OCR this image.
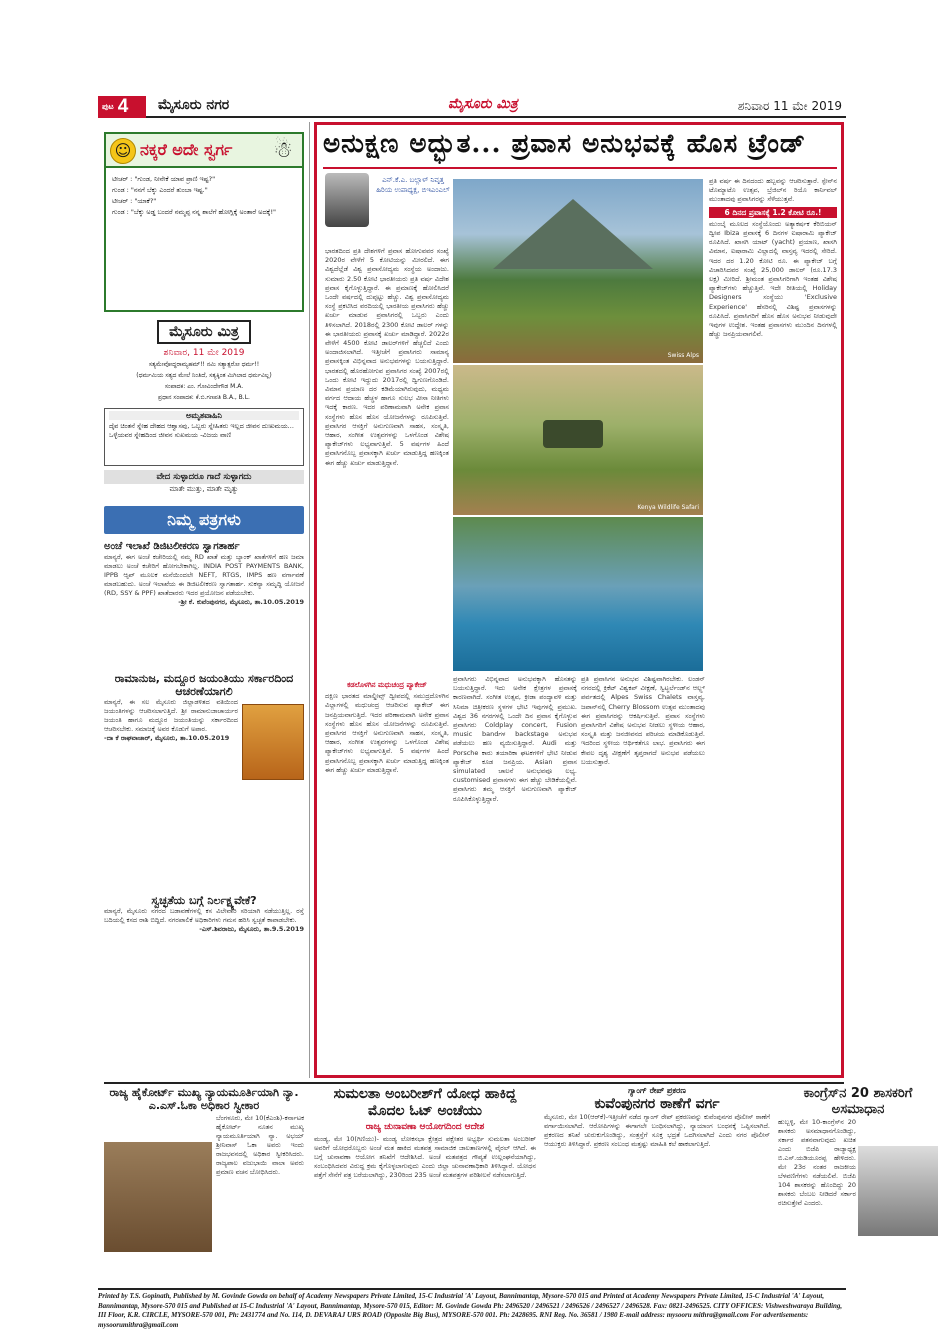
$^{ಪುಟ}$ 4	ಮೈಸೂರು ನಗರ	ಮೈಸೂರು ಮಿತ್ರ	ಶನಿವಾರ 11 ಮೇ 2019
☺ ನಕ್ಕರೆ ಅದೇ ಸ್ವರ್ಗ ☃
ಟೀಚರ್ : "ಗುಂಡ, ನೀನೇಕೆ ಯಾವ ಪ್ರಾಣಿ ಇಷ್ಟ?"
ಗುಂಡ : "ನನಗೆ ಬೆಕ್ಕು ಎಂದರೆ ತುಂಬಾ ಇಷ್ಟ."
ಟೀಚರ್ : "ಯಾಕೆ?"
ಗುಂಡ : "ಬೆಕ್ಕು ಅಡ್ಡ ಬಂದರೆ ನಮ್ಮಪ್ಪ ನನ್ನ ಶಾಲೆಗೆ ಹೋಗ್ಲಿಕ್ಕೆ ಅಂತಾರೆ ಅದಕ್ಕೆ!"
ಮೈಸೂರು ಮಿತ್ರ
ಶನಿವಾರ, 11 ಮೇ 2019
ಸತ್ಯಮೇವೋದ್ಧರಾಮ್ಯಹಮ್!! ನಮಿ ಸತ್ಯಾತ್ಪರೋ ಧರ್ಮ!!
(ಧರ್ಮಮಿಯ ಸತ್ಯದ ಮೇಲೆ ನಿಂತಿದೆ, ಸತ್ಯಕ್ಕಿಂತ ಮಿಗಿಲಾದ ಧರ್ಮವಿಲ್ಲ)
ಸಂಪಾದಕ: ಎಂ. ಗೋವಿಂದೇಗೌಡ M.A.
ಪ್ರಧಾನ ಸಂಪಾದಕ: ಕೆ.ಬಿ.ಗಣಪತಿ B.A., B.L.
ಅಮೃತವಾಹಿನಿ
ದೈವ ಚಿಂತನೆ ಸ್ನೇಹ ದೇಹದ ಆಶ್ವಾಸವು, ಒಬ್ಬರು ಸ್ನೇಹಿತರು ಇಲ್ಲದ ಜೀವನ ದುಃಖಮಯ... ಒಳ್ಳೆಯವರ ಸ್ನೇಹದಿಂದ ಜೀವನ ಸುಖಮಯ -ವಿಜಯ ವಾಣಿ
ವೇದ ಸುಳ್ಳಾದರೂ ಗಾದೆ ಸುಳ್ಳಾಗದು
ಮಾತೇ ಮುತ್ತು, ಮಾತೇ ಮೃತ್ಯು
ನಿಮ್ಮ ಪತ್ರಗಳು
ಅಂಚೆ ಇಲಾಖೆ ಡಿಜಿಟಲೀಕರಣ ಸ್ವಾಗತಾರ್ಹ
ಮಾನ್ಯರೆ, ಈಗ ಅಂಚೆ ಕಚೇರಿಯಲ್ಲಿ ನಮ್ಮ RD ಖಾತೆ ಮತ್ತು ಬ್ಯಾಂಕ್ ಖಾತೆಗಳಿಗೆ ಹಣ ಜಮಾ ಮಾಡಲು ಅಂಚೆ ಕಚೇರಿಗೆ ಹೋಗಬೇಕಾಗಿಲ್ಲ. INDIA POST PAYMENTS BANK, IPPB ಆ್ಯಪ್ ಮೂಲಕ ಮನೆಯಿಂದಲೇ NEFT, RTGS, IMPS ಹಣ ವರ್ಗಾವಣೆ ಮಾಡಬಹುದು. ಅಂಚೆ ಇಲಾಖೆಯ ಈ ಡಿಜಿಟಲೀಕರಣ ಸ್ವಾಗತಾರ್ಹ. ಸುಕನ್ಯಾ ಸಮೃದ್ಧಿ ಯೋಜನೆ (RD, SSY & PPF) ಖಾತೆದಾರರು ಇದರ ಪ್ರಯೋಜನ ಪಡೆಯಬೇಕು.
-ಶ್ರೀ ಕೆ. ಕುವೆಂಪುನಗರ, ಮೈಸೂರು, ತಾ.10.05.2019
ರಾಮಾನುಜ, ಮದ್ದೂರ ಜಯಂತಿಯು ಸರ್ಕಾರದಿಂದ ಆಚರಣೆಯಾಗಲಿ
ಮಾನ್ಯರೆ, ಈ ಸಲ ಮೈಸೂರು ಜಿಲ್ಲಾಡಳಿತದ ವತಿಯಿಂದ ಜಯಂತಿಗಳನ್ನು ಆಚರಿಸಲಾಗುತ್ತಿದೆ. ಶ್ರೀ ರಾಮಾನುಜಾಚಾರ್ಯರ ಜಯಂತಿ ಹಾಗೂ ಮದ್ದೂರ ಜಯಂತಿಯನ್ನು ಸರ್ಕಾರದಿಂದ ಆಚರಿಸಬೇಕು. ಸಮಾಜಕ್ಕೆ ಅವರ ಕೊಡುಗೆ ಅಪಾರ.
-ದಾ ಕೆ ರಾಘವಾಚಾರ್, ಮೈಸೂರು, ತಾ.10.05.2019
ಸ್ವಚ್ಛತೆಯ ಬಗ್ಗೆ ನಿರ್ಲಕ್ಷ್ಯವೇಕೆ?
ಮಾನ್ಯರೆ, ಮೈಸೂರು ನಗರದ ಬಡಾವಣೆಗಳಲ್ಲಿ ಕಸ ವಿಲೇವಾರಿ ಸರಿಯಾಗಿ ನಡೆಯುತ್ತಿಲ್ಲ. ರಸ್ತೆ ಬದಿಯಲ್ಲಿ ಕಸದ ರಾಶಿ ಬಿದ್ದಿದೆ. ನಗರಪಾಲಿಕೆ ಅಧಿಕಾರಿಗಳು ಗಮನ ಹರಿಸಿ ಸ್ವಚ್ಛತೆ ಕಾಪಾಡಬೇಕು.
-ಎಸ್.ಶಿವರಾಜು, ಮೈಸೂರು, ತಾ.9.5.2019
ಅನುಕ್ಷಣ ಅದ್ಭುತ... ಪ್ರವಾಸ ಅನುಭವಕ್ಕೆ ಹೊಸ ಟ್ರೆಂಡ್
ಎನ್.ಕೆ.ಎ. ಬಲ್ಲಾಳ್ ನಿವೃತ್ತ ಹಿರಿಯ ಉಪಾಧ್ಯಕ್ಷ, ಬಿಇಎಂಎಲ್
ಭಾರತದಿಂದ ಪ್ರತಿ ದೇಶಗಳಿಗೆ ಪ್ರವಾಸ ಹೋಗುವವರ ಸಂಖ್ಯೆ 2020ರ ವೇಳೆಗೆ 5 ಕೋಟಿಯನ್ನು ಮೀರಲಿದೆ. ಈಗ ವಿಶ್ವದೆಲ್ಲೆಡೆ ವಿಶ್ವ ಪ್ರವಾಸೋದ್ಯಮ ಸಂಸ್ಥೆಯ ಅಂದಾಜು. ಸುಮಾರು 2.50 ಕೋಟಿ ಭಾರತೀಯರು ಪ್ರತಿ ವರ್ಷ ವಿದೇಶ ಪ್ರವಾಸ ಕೈಗೊಳ್ಳುತ್ತಿದ್ದಾರೆ. ಈ ಪ್ರಮಾಣಕ್ಕೆ ಹೋಲಿಸಿದರೆ ಒಂದೇ ವರ್ಷದಲ್ಲಿ ದುಪ್ಪಟ್ಟು ಹೆಚ್ಚು. ವಿಶ್ವ ಪ್ರವಾಸೋದ್ಯಮ ಸಂಸ್ಥೆ ಪ್ರಕಟಿಸಿದ ವರದಿಯಲ್ಲಿ ಭಾರತೀಯ ಪ್ರವಾಸಿಗರು ಹೆಚ್ಚು ಖರ್ಚು ಮಾಡುವ ಪ್ರವಾಸಿಗರಲ್ಲಿ ಒಬ್ಬರು ಎಂದು ತಿಳಿಸಲಾಗಿದೆ. 2018ರಲ್ಲಿ 2300 ಕೋಟಿ ಡಾಲರ್ ಗಳನ್ನು ಈ ಭಾರತೀಯರು ಪ್ರವಾಸಕ್ಕೆ ಖರ್ಚು ಮಾಡಿದ್ದಾರೆ. 2022ರ ವೇಳೆಗೆ 4500 ಕೋಟಿ ಡಾಲರ್‌ಗಳಿಗೆ ಹೆಚ್ಚಲಿದೆ ಎಂದು ಅಂದಾಜಿಸಲಾಗಿದೆ. ಇತ್ತೀಚೆಗೆ ಪ್ರವಾಸಿಗರು ಸಾಮಾನ್ಯ ಪ್ರವಾಸಕ್ಕಿಂತ ವಿಭಿನ್ನವಾದ ಅನುಭವಗಳನ್ನು ಬಯಸುತ್ತಿದ್ದಾರೆ. ಭಾರತದಲ್ಲಿ ಹೊರಹೋಗುವ ಪ್ರವಾಸಿಗರ ಸಂಖ್ಯೆ 2007ರಲ್ಲಿ ಒಂದು ಕೋಟಿ ಇದ್ದುದು 2017ರಲ್ಲಿ ದ್ವಿಗುಣಗೊಂಡಿದೆ. ವಿಮಾನ ಪ್ರಯಾಣ ದರ ಕಡಿಮೆಯಾಗಿರುವುದು, ಮಧ್ಯಮ ವರ್ಗದ ಆದಾಯ ಹೆಚ್ಚಳ ಹಾಗೂ ಸುಲಭ ವೀಸಾ ನೀತಿಗಳು ಇದಕ್ಕೆ ಕಾರಣ. ಇದರ ಪರಿಣಾಮವಾಗಿ ಅನೇಕ ಪ್ರವಾಸ ಸಂಸ್ಥೆಗಳು ಹೊಸ ಹೊಸ ಯೋಜನೆಗಳನ್ನು ರೂಪಿಸುತ್ತಿವೆ. ಪ್ರವಾಸಿಗರ ಆಸಕ್ತಿಗೆ ಅನುಗುಣವಾಗಿ ಸಾಹಸ, ಸಂಸ್ಕೃತಿ, ಆಹಾರ, ಸಂಗೀತ ಉತ್ಸವಗಳನ್ನು ಒಳಗೊಂಡ ವಿಶೇಷ ಪ್ಯಾಕೇಜ್‌ಗಳು ಲಭ್ಯವಾಗುತ್ತಿವೆ. 5 ವರ್ಷಗಳ ಹಿಂದೆ ಪ್ರವಾಸಿಗನೊಬ್ಬ ಪ್ರವಾಸಕ್ಕಾಗಿ ಖರ್ಚು ಮಾಡುತ್ತಿದ್ದ ಹಣಕ್ಕಿಂತ ಈಗ ಹೆಚ್ಚು ಖರ್ಚು ಮಾಡುತ್ತಿದ್ದಾನೆ.
ಕಡಲೊಳಗಿನ ಮಧುಚಂದ್ರ ಪ್ಯಾಕೇಜ್
ದಕ್ಷಿಣ ಭಾರತದ ಮಾಲ್ಡೀವ್ಸ್‌ ದ್ವೀಪದಲ್ಲಿ ಸಮುದ್ರದೊಳಗಿನ ವಿಲ್ಲಾಗಳಲ್ಲಿ ಮಧುಚಂದ್ರ ಆಚರಿಸುವ ಪ್ಯಾಕೇಜ್ ಈಗ ಜನಪ್ರಿಯವಾಗುತ್ತಿದೆ. ಇದರ ಪರಿಣಾಮವಾಗಿ ಅನೇಕ ಪ್ರವಾಸ ಸಂಸ್ಥೆಗಳು ಹೊಸ ಹೊಸ ಯೋಜನೆಗಳನ್ನು ರೂಪಿಸುತ್ತಿವೆ. ಪ್ರವಾಸಿಗರ ಆಸಕ್ತಿಗೆ ಅನುಗುಣವಾಗಿ ಸಾಹಸ, ಸಂಸ್ಕೃತಿ, ಆಹಾರ, ಸಂಗೀತ ಉತ್ಸವಗಳನ್ನು ಒಳಗೊಂಡ ವಿಶೇಷ ಪ್ಯಾಕೇಜ್‌ಗಳು ಲಭ್ಯವಾಗುತ್ತಿವೆ. 5 ವರ್ಷಗಳ ಹಿಂದೆ ಪ್ರವಾಸಿಗನೊಬ್ಬ ಪ್ರವಾಸಕ್ಕಾಗಿ ಖರ್ಚು ಮಾಡುತ್ತಿದ್ದ ಹಣಕ್ಕಿಂತ ಈಗ ಹೆಚ್ಚು ಖರ್ಚು ಮಾಡುತ್ತಿದ್ದಾನೆ.
Swiss Alps
Kenya Wildlife Safari
ಪ್ರವಾಸಿಗರು ವಿಭಿನ್ನವಾದ ಅನುಭವಕ್ಕಾಗಿ ಹೊಸತನ್ನು ಬಯಸುತ್ತಿದ್ದಾರೆ. ಇದು ಅನೇಕ ಕ್ಷೇತ್ರಗಳ ಪ್ರವಾಸಕ್ಕೆ ಕಾರಣವಾಗಿದೆ. ಸಂಗೀತ ಉತ್ಸವ, ಕ್ರೀಡಾ ಪಂದ್ಯಾವಳಿ ಮತ್ತು ಸಿನಿಮಾ ಚಿತ್ರೀಕರಣ ಸ್ಥಳಗಳ ಭೇಟಿ ಇವುಗಳಲ್ಲಿ ಪ್ರಮುಖ. ವಿಶ್ವದ 36 ನಗರಗಳಲ್ಲಿ ಒಂದೇ ದಿನ ಪ್ರವಾಸ ಕೈಗೊಳ್ಳುವ ಪ್ರವಾಸಿಗರು Coldplay concert, Fusion music bandಗಳ backstage ಅನುಭವ ಪಡೆಯಲು ಹಣ ವ್ಯಯಿಸುತ್ತಿದ್ದಾರೆ. Audi ಮತ್ತು Porsche ಕಾರು ತಯಾರಿಕಾ ಘಟಕಗಳಿಗೆ ಭೇಟಿ ನೀಡುವ ಪ್ಯಾಕೇಜ್ ಕೂಡ ಜನಪ್ರಿಯ. Asian ಪ್ರವಾಸ simulated ಚಾಲನೆ ಅನುಭವವೂ ಲಭ್ಯ. customised ಪ್ರವಾಸಗಳು ಈಗ ಹೆಚ್ಚು ಬೇಡಿಕೆಯಲ್ಲಿವೆ. ಪ್ರವಾಸಿಗರು ತಮ್ಮ ಆಸಕ್ತಿಗೆ ಅನುಗುಣವಾಗಿ ಪ್ಯಾಕೇಜ್ ರೂಪಿಸಿಕೊಳ್ಳುತ್ತಿದ್ದಾರೆ.
ಪ್ರತಿ ಪ್ರವಾಸಿಗನ ಅನುಭವ ವಿಶಿಷ್ಟವಾಗಿರಬೇಕು. ಲಂಡನ್ ನಗರದಲ್ಲಿ ಕ್ರಿಕೆಟ್ ವಿಶ್ವಕಪ್ ವೀಕ್ಷಣೆ, ಸ್ವಿಟ್ಜರ್ಲೆಂಡ್‌ನ ಆಲ್ಪ್ಸ್ ಪರ್ವತದಲ್ಲಿ Alpes Swiss Chalets ವಾಸ್ತವ್ಯ, ಜಪಾನ್‌ನಲ್ಲಿ Cherry Blossom ಉತ್ಸವ ಮುಂತಾದವು ಈಗ ಪ್ರವಾಸಿಗರನ್ನು ಆಕರ್ಷಿಸುತ್ತಿವೆ. ಪ್ರವಾಸ ಸಂಸ್ಥೆಗಳು ಪ್ರವಾಸಿಗರಿಗೆ ವಿಶೇಷ ಅನುಭವ ನೀಡಲು ಸ್ಥಳೀಯ ಆಹಾರ, ಸಂಸ್ಕೃತಿ ಮತ್ತು ಜನಜೀವನದ ಪರಿಚಯ ಮಾಡಿಕೊಡುತ್ತಿವೆ. ಇದರಿಂದ ಸ್ಥಳೀಯ ಆರ್ಥಿಕತೆಗೂ ಲಾಭ. ಪ್ರವಾಸಿಗರು ಈಗ ಕೇವಲ ದೃಶ್ಯ ವೀಕ್ಷಣೆಗೆ ತೃಪ್ತರಾಗದೆ ಅನುಭವ ಪಡೆಯಲು ಬಯಸುತ್ತಾರೆ.
ಪ್ರತಿ ವರ್ಷ ಈ ದಿನದಂದು ಹಬ್ಬವನ್ನು ಆಚರಿಸುತ್ತಾರೆ. ಸ್ಪೇನ್‌ನ ಟೊಮ್ಯಾಟೊ ಉತ್ಸವ, ಬ್ರೆಜಿಲ್‌ನ ರಿಯೊ ಕಾರ್ನಿವಲ್ ಮುಂತಾದವು ಪ್ರವಾಸಿಗರನ್ನು ಸೆಳೆಯುತ್ತವೆ.
6 ದಿನದ ಪ್ರವಾಸಕ್ಕೆ 1.2 ಕೋಟಿ ರೂ.!
ಮುಂಬೈ ಮೂಲದ ಸಂಸ್ಥೆಯೊಂದು ಅತ್ಯಾಕರ್ಷಕ ಕೆರಿಬಿಯನ್ ದ್ವೀಪ Ibiza ಪ್ರವಾಸಕ್ಕೆ 6 ದಿನಗಳ ಐಷಾರಾಮಿ ಪ್ಯಾಕೇಜ್ ರೂಪಿಸಿದೆ. ಖಾಸಗಿ ಯಾಟ್ (yacht) ಪ್ರಯಾಣ, ಖಾಸಗಿ ವಿಮಾನ, ಐಷಾರಾಮಿ ವಿಲ್ಲಾದಲ್ಲಿ ವಾಸ್ತವ್ಯ ಇದರಲ್ಲಿ ಸೇರಿದೆ. ಇದರ ದರ 1.20 ಕೋಟಿ ರೂ. ಈ ಪ್ಯಾಕೇಜ್ ಬಗ್ಗೆ ವಿಚಾರಿಸಿದವರ ಸಂಖ್ಯೆ 25,000 ಡಾಲರ್ (ರೂ.17.3 ಲಕ್ಷ) ಮೀರಿದೆ. ಶ್ರೀಮಂತ ಪ್ರವಾಸಿಗರಿಗಾಗಿ ಇಂತಹ ವಿಶೇಷ ಪ್ಯಾಕೇಜ್‌ಗಳು ಹೆಚ್ಚುತ್ತಿವೆ. ಇದೇ ರೀತಿಯಲ್ಲಿ Holiday Designers ಸಂಸ್ಥೆಯು 'Exclusive Experience' ಹೆಸರಿನಲ್ಲಿ ವಿಶಿಷ್ಟ ಪ್ರವಾಸಗಳನ್ನು ರೂಪಿಸಿದೆ. ಪ್ರವಾಸಿಗರಿಗೆ ಹೊಸ ಹೊಸ ಅನುಭವ ನೀಡುವುದೇ ಇವುಗಳ ಉದ್ದೇಶ. ಇಂತಹ ಪ್ರವಾಸಗಳು ಮುಂದಿನ ದಿನಗಳಲ್ಲಿ ಹೆಚ್ಚು ಜನಪ್ರಿಯವಾಗಲಿವೆ.
ರಾಜ್ಯ ಹೈಕೋರ್ಟ್ ಮುಖ್ಯ ನ್ಯಾಯಮೂರ್ತಿಯಾಗಿ ನ್ಯಾ. ಎ.ಎಸ್.ಓಕಾ ಅಧಿಕಾರ ಸ್ವೀಕಾರ
ಬೆಂಗಳೂರು, ಮೇ 10(ಕೆಎಂಶಿ)-ಕರ್ನಾಟಕ ಹೈಕೋರ್ಟ್ ನೂತನ ಮುಖ್ಯ ನ್ಯಾಯಮೂರ್ತಿಯಾಗಿ ನ್ಯಾ. ಅಭಯ್ ಶ್ರೀನಿವಾಸ್ ಓಕಾ ಅವರು ಇಂದು ರಾಜಭವನದಲ್ಲಿ ಅಧಿಕಾರ ಸ್ವೀಕರಿಸಿದರು. ರಾಜ್ಯಪಾಲ ವಜುಭಾಯಿ ವಾಲಾ ಅವರು ಪ್ರಮಾಣ ವಚನ ಬೋಧಿಸಿದರು.
ಸುಮಲತಾ ಅಂಬರೀಶ್‌ಗೆ ಯೋಧ ಹಾಕಿದ್ದ ಮೊದಲ ಓಟ್ ಅಂಚೆಯು
ರಾಜ್ಯ ಚುನಾವಣಾ ಆಯೋಗದಿಂದ ಆದೇಶ
ಮಂಡ್ಯ, ಮೇ 10(ಗಿಣಿಯು)- ಮಂಡ್ಯ ಲೋಕಸಭಾ ಕ್ಷೇತ್ರದ ಪಕ್ಷೇತರ ಅಭ್ಯರ್ಥಿ ಸುಮಲತಾ ಅಂಬರೀಶ್ ಅವರಿಗೆ ಯೋಧರೊಬ್ಬರು ಅಂಚೆ ಮತ ಹಾಕಿದ ಮತಪತ್ರ ಸಾಮಾಜಿಕ ಜಾಲತಾಣಗಳಲ್ಲಿ ವೈರಲ್ ಆಗಿದೆ. ಈ ಬಗ್ಗೆ ಚುನಾವಣಾ ಆಯೋಗ ತನಿಖೆಗೆ ಆದೇಶಿಸಿದೆ. ಅಂಚೆ ಮತಪತ್ರದ ಗೌಪ್ಯತೆ ಉಲ್ಲಂಘನೆಯಾಗಿದ್ದು, ಸಂಬಂಧಿಸಿದವರ ವಿರುದ್ಧ ಕ್ರಮ ಕೈಗೊಳ್ಳಲಾಗುವುದು ಎಂದು ಜಿಲ್ಲಾ ಚುನಾವಣಾಧಿಕಾರಿ ತಿಳಿಸಿದ್ದಾರೆ. ಯೋಧನ ಪತ್ತೆಗೆ ಸೇನೆಗೆ ಪತ್ರ ಬರೆಯಲಾಗಿದ್ದು, 230ರಿಂದ 235 ಅಂಚೆ ಮತಪತ್ರಗಳ ಪರಿಶೀಲನೆ ನಡೆಸಲಾಗುತ್ತಿದೆ.
ಗ್ಯಾಂಗ್ ರೇಪ್ ಪ್ರಕರಣ
ಕುವೆಂಪುನಗರ ಠಾಣೆಗೆ ವರ್ಗ
ಮೈಸೂರು, ಮೇ 10(ಆರ್‌ಕೆ)-ಇತ್ತೀಚೆಗೆ ನಡೆದ ಗ್ಯಾಂಗ್ ರೇಪ್ ಪ್ರಕರಣವನ್ನು ಕುವೆಂಪುನಗರ ಪೊಲೀಸ್ ಠಾಣೆಗೆ ವರ್ಗಾಯಿಸಲಾಗಿದೆ. ಆರೋಪಿಗಳನ್ನು ಈಗಾಗಲೇ ಬಂಧಿಸಲಾಗಿದ್ದು, ನ್ಯಾಯಾಂಗ ಬಂಧನಕ್ಕೆ ಒಪ್ಪಿಸಲಾಗಿದೆ. ಪ್ರಕರಣದ ತನಿಖೆ ಚುರುಕುಗೊಂಡಿದ್ದು, ಸಂತ್ರಸ್ತೆಗೆ ಸೂಕ್ತ ಭದ್ರತೆ ಒದಗಿಸಲಾಗಿದೆ ಎಂದು ನಗರ ಪೊಲೀಸ್ ಆಯುಕ್ತರು ತಿಳಿಸಿದ್ದಾರೆ. ಪ್ರಕರಣ ಸಂಬಂಧ ಮತ್ತಷ್ಟು ಮಾಹಿತಿ ಕಲೆ ಹಾಕಲಾಗುತ್ತಿದೆ.
ಕಾಂಗ್ರೆಸ್‌ನ 20 ಶಾಸಕರಿಗೆ ಅಸಮಾಧಾನ
ಹುಬ್ಬಳ್ಳಿ, ಮೇ 10-ಕಾಂಗ್ರೆಸ್‌ನ 20 ಶಾಸಕರು ಅಸಮಾಧಾನಗೊಂಡಿದ್ದು, ಸರ್ಕಾರ ಪತನವಾಗುವುದು ಖಚಿತ ಎಂದು ಬಿಜೆಪಿ ರಾಜ್ಯಾಧ್ಯಕ್ಷ ಬಿ.ಎಸ್.ಯಡಿಯೂರಪ್ಪ ಹೇಳಿದರು. ಮೇ 23ರ ನಂತರ ರಾಜಕೀಯ ಬೆಳವಣಿಗೆಗಳು ನಡೆಯಲಿವೆ. ಬಿಜೆಪಿ 104 ಶಾಸಕರನ್ನು ಹೊಂದಿದ್ದು 20 ಶಾಸಕರು ಬೆಂಬಲ ನೀಡಿದರೆ ಸರ್ಕಾರ ರಚಿಸುತ್ತೇವೆ ಎಂದರು.
Printed by T.S. Gopinath, Published by M. Govinde Gowda on behalf of Academy Newspapers Private Limited, 15-C Industrial 'A' Layout, Bannimantap, Mysore-570 015 and Printed at Academy Newspapers Private Limited, 15-C Industrial 'A' Layout, Bannimantap, Mysore-570 015 and Published at 15-C Industrial 'A' Layout, Bannimantap, Mysore-570 015, Editor: M. Govinde Gowda Ph: 2496520 / 2496521 / 2496526 / 2496527 / 2496528. Fax: 0821-2496525. CITY OFFICES: Vishweshwaraya Building, III Floor, K.R. CIRCLE, MYSORE-570 001, Ph: 2431774 and No. 114, D. DEVARAJ URS ROAD (Opposite Big Bus), MYSORE-570 001. Ph: 2428695. RNI Reg. No. 36581 / 1980 E-mail address: mysooru mithra@gmail.com For advertisements: mysoorumithra@gmail.com
